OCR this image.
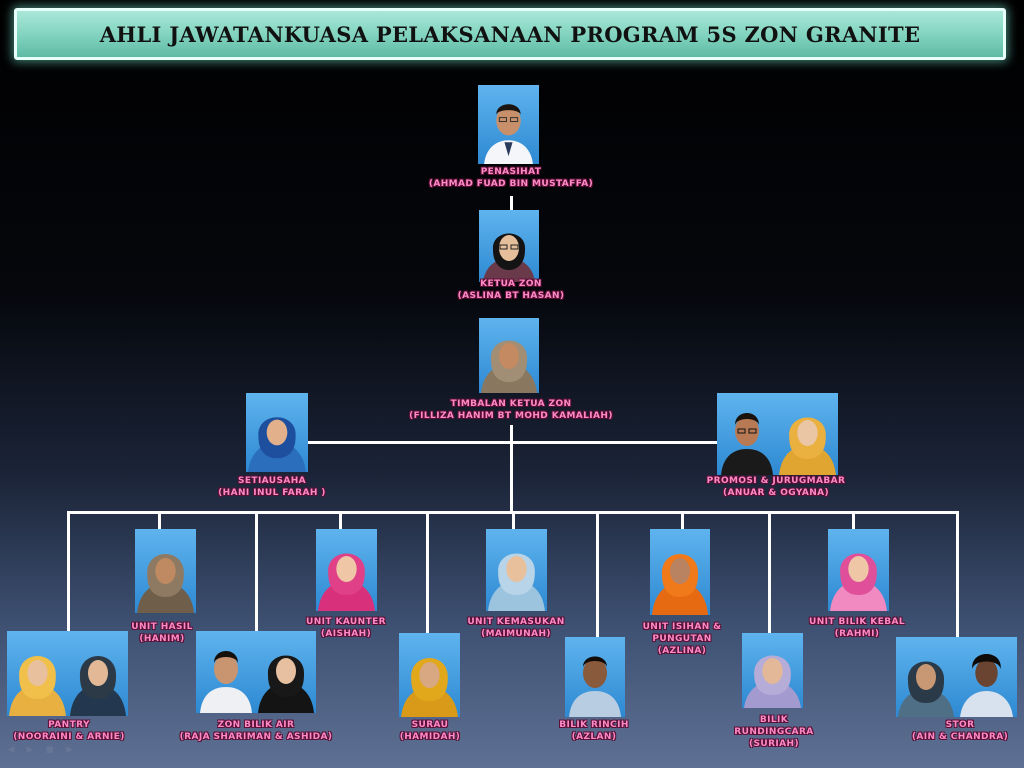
AHLI JAWATANKUASA PELAKSANAAN PROGRAM 5S ZON GRANITE
PENASIHAT
(AHMAD FUAD BIN MUSTAFFA)
KETUA ZON
(ASLINA BT HASAN)
TIMBALAN KETUA ZON
(FILLIZA HANIM BT MOHD KAMALIAH)
SETIAUSAHA
(HANI INUL FARAH )
PROMOSI & JURUGMABAR
(ANUAR & OGYANA)
UNIT HASIL
(HANIM)
UNIT KAUNTER
(AISHAH)
UNIT KEMASUKAN
(MAIMUNAH)
UNIT ISIHAN &
PUNGUTAN
(AZLINA)
UNIT BILIK KEBAL
(RAHMI)
PANTRY
(NOORAINI & ARNIE)
ZON BILIK AIR
(RAJA SHARIMAN & ASHIDA)
SURAU
(HAMIDAH)
BILIK RINCIH
(AZLAN)
BILIK
RUNDINGCARA
(SURIAH)
STOR
(AIN & CHANDRA)
◂ ▸ ▪ ▸
